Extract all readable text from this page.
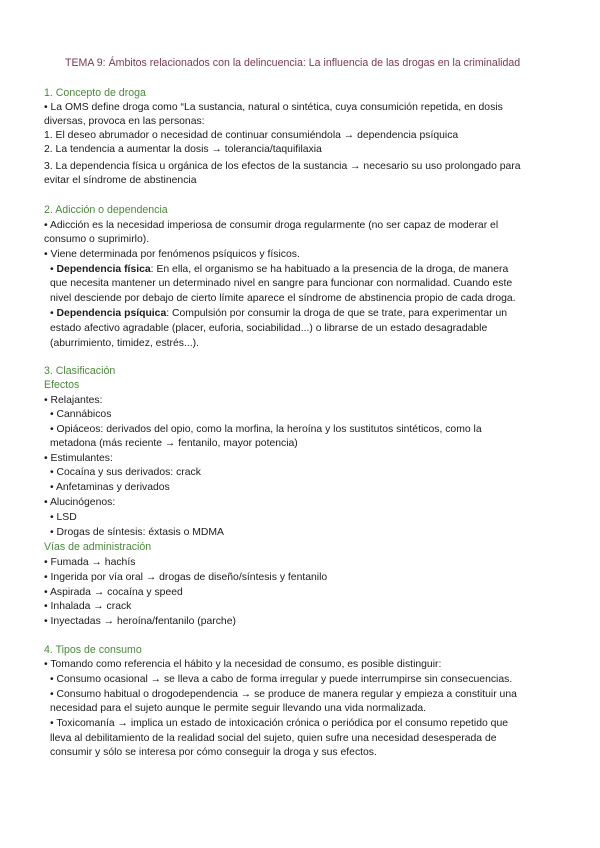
TEMA 9: Ámbitos relacionados con la delincuencia: La influencia de las drogas en la criminalidad
1. Concepto de droga
• La OMS define droga como “La sustancia, natural o sintética, cuya consumición repetida, en dosis
diversas, provoca en las personas:
1. El deseo abrumador o necesidad de continuar consumiéndola → dependencia psíquica
2. La tendencia a aumentar la dosis → tolerancia/taquifilaxia
3. La dependencia física u orgánica de los efectos de la sustancia → necesario su uso prolongado para
evitar el síndrome de abstinencia
2. Adicción o dependencia
• Adicción es la necesidad imperiosa de consumir droga regularmente (no ser capaz de moderar el
consumo o suprimirlo).
• Viene determinada por fenómenos psíquicos y físicos.
• Dependencia física: En ella, el organismo se ha habituado a la presencia de la droga, de manera
que necesita mantener un determinado nivel en sangre para funcionar con normalidad. Cuando este
nivel desciende por debajo de cierto límite aparece el síndrome de abstinencia propio de cada droga.
• Dependencia psíquica: Compulsión por consumir la droga de que se trate, para experimentar un
estado afectivo agradable (placer, euforia, sociabilidad...) o librarse de un estado desagradable
(aburrimiento, timidez, estrés...).
3. Clasificación
Efectos
• Relajantes:
• Cannábicos
• Opiáceos: derivados del opio, como la morfina, la heroína y los sustitutos sintéticos, como la
metadona (más reciente → fentanilo, mayor potencia)
• Estimulantes:
• Cocaína y sus derivados: crack
• Anfetaminas y derivados
• Alucinógenos:
• LSD
• Drogas de síntesis: éxtasis o MDMA
Vías de administración
• Fumada → hachís
• Ingerida por vía oral → drogas de diseño/síntesis y fentanilo
• Aspirada → cocaína y speed
• Inhalada → crack
• Inyectadas → heroína/fentanilo (parche)
4. Tipos de consumo
• Tomando como referencia el hábito y la necesidad de consumo, es posible distinguir:
• Consumo ocasional → se lleva a cabo de forma irregular y puede interrumpirse sin consecuencias.
• Consumo habitual o drogodependencia → se produce de manera regular y empieza a constituir una
necesidad para el sujeto aunque le permite seguir llevando una vida normalizada.
• Toxicomanía → implica un estado de intoxicación crónica o periódica por el consumo repetido que
lleva al debilitamiento de la realidad social del sujeto, quien sufre una necesidad desesperada de
consumir y sólo se interesa por cómo conseguir la droga y sus efectos.
